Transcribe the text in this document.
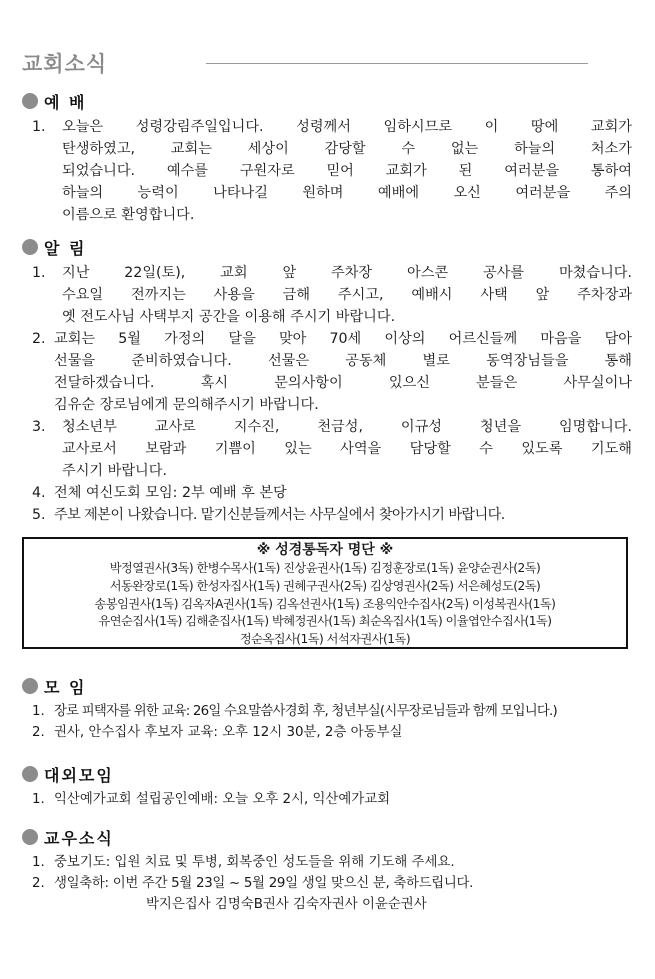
교회소식
예 배
1. 오늘은 성령강림주일입니다. 성령께서 임하시므로 이 땅에 교회가
탄생하였고, 교회는 세상이 감당할 수 없는 하늘의 처소가
되었습니다. 예수를 구원자로 믿어 교회가 된 여러분을 통하여
하늘의 능력이 나타나길 원하며 예배에 오신 여러분을 주의
이름으로 환영합니다.
알 림
1. 지난 22일(토), 교회 앞 주차장 아스콘 공사를 마쳤습니다.
수요일 전까지는 사용을 금해 주시고, 예배시 사택 앞 주차장과
옛 전도사님 사택부지 공간을 이용해 주시기 바랍니다.
2. 교회는 5월 가정의 달을 맞아 70세 이상의 어르신들께 마음을 담아
선물을 준비하였습니다. 선물은 공동체 별로 동역장님들을 통해
전달하겠습니다. 혹시 문의사항이 있으신 분들은 사무실이나
김유순 장로님에게 문의해주시기 바랍니다.
3. 청소년부 교사로 지수진, 천금성, 이규성 청년을 임명합니다.
교사로서 보람과 기쁨이 있는 사역을 담당할 수 있도록 기도해
주시기 바랍니다.
4. 전체 여신도회 모임: 2부 예배 후 본당
5. 주보 제본이 나왔습니다. 맡기신분들께서는 사무실에서 찾아가시기 바랍니다.
※ 성경통독자 명단 ※
박정열권사(3독) 한병수목사(1독) 진상윤권사(1독) 김정훈장로(1독) 윤양순권사(2독)
서동완장로(1독) 한성자집사(1독) 권혜구권사(2독) 김상영권사(2독) 서은혜성도(2독)
송봉임권사(1독) 김옥자A권사(1독) 김옥선권사(1독) 조용익안수집사(2독) 이성복권사(1독)
유연순집사(1독) 김해춘집사(1독) 박혜정권사(1독) 최순옥집사(1독) 이율엽안수집사(1독)
정순옥집사(1독) 서석자권사(1독)
모 임
1. 장로 피택자를 위한 교육: 26일 수요말씀사경회 후, 청년부실(시무장로님들과 함께 모입니다.)
2. 권사, 안수집사 후보자 교육: 오후 12시 30분, 2층 아동부실
대외모임
1. 익산예가교회 설립공인예배: 오늘 오후 2시, 익산예가교회
교우소식
1. 중보기도: 입원 치료 및 투병, 회복중인 성도들을 위해 기도해 주세요.
2. 생일축하: 이번 주간 5월 23일 ~ 5월 29일 생일 맞으신 분, 축하드립니다.
박지은집사 김명숙B권사 김숙자권사 이윤순권사
